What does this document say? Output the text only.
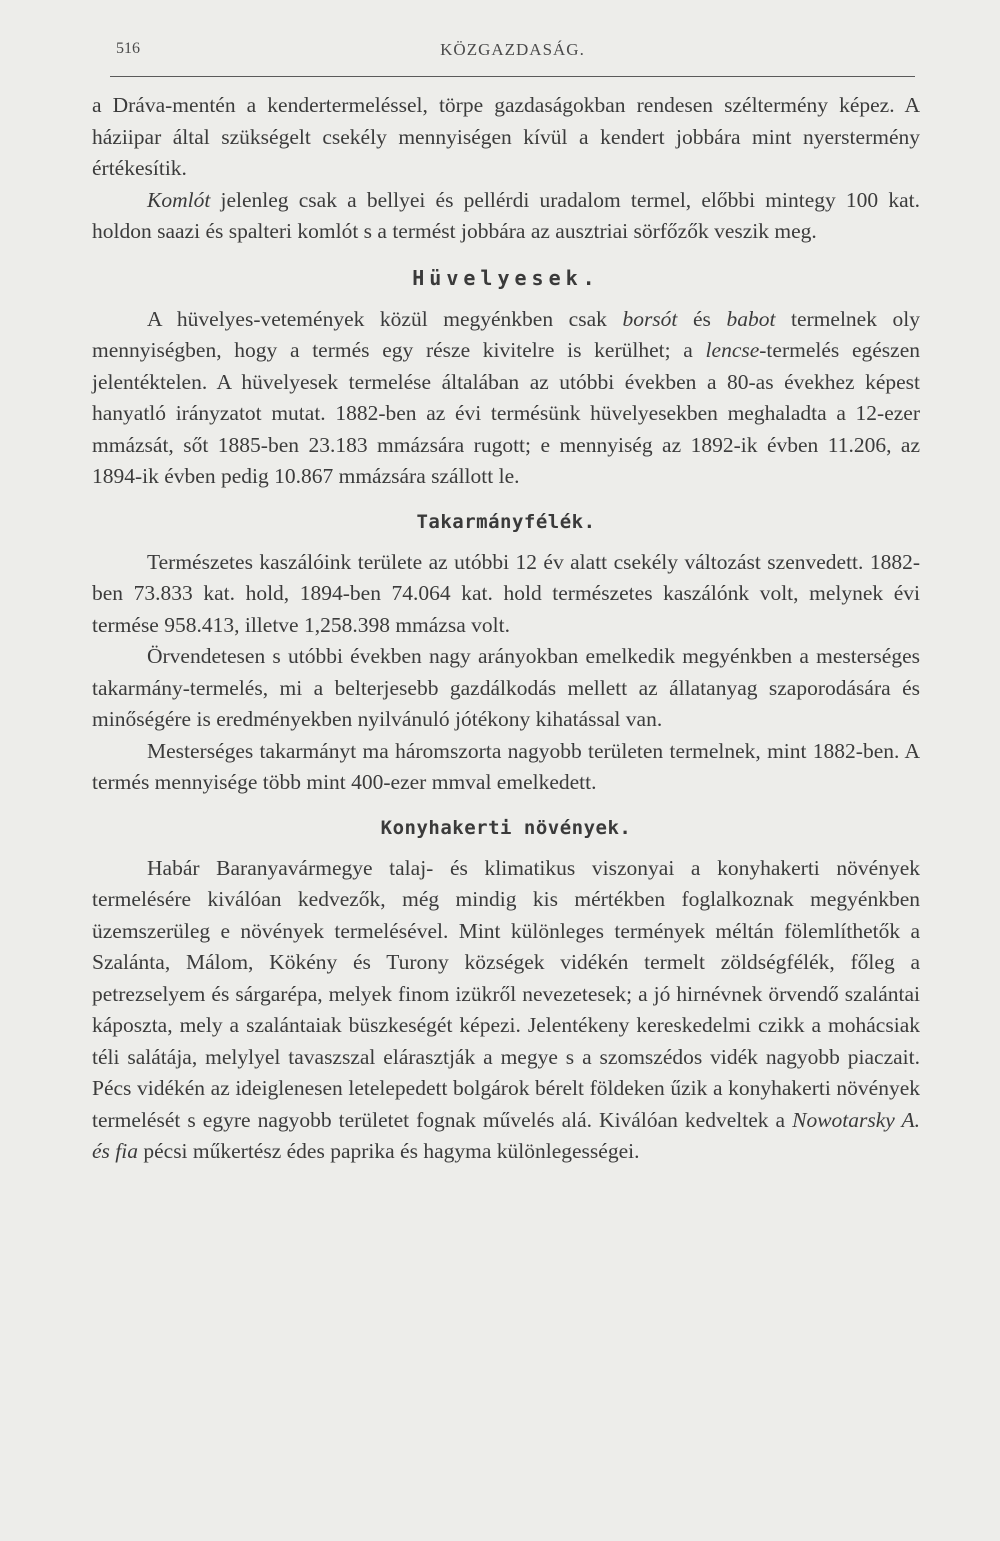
516	KÖZGAZDASÁG.

a Dráva-mentén a kendertermeléssel, törpe gazdaságokban rendesen széltermény képez. A háziipar által szükségelt csekély mennyiségen kívül a kendert jobbára mint nyerstermény értékesítik.

Komlót jelenleg csak a bellyei és pellérdi uradalom termel, előbbi mintegy 100 kat. holdon saazi és spalteri komlót s a termést jobbára az ausztriai sörfőzők veszik meg.

Hüvelyesek.

A hüvelyes-vetemények közül megyénkben csak borsót és babot termelnek oly mennyiségben, hogy a termés egy része kivitelre is kerülhet; a lencse-termelés egészen jelentéktelen. A hüvelyesek termelése általában az utóbbi években a 80-as évekhez képest hanyatló irányzatot mutat. 1882-ben az évi termésünk hüvelyesekben meghaladta a 12-ezer mmázsát, sőt 1885-ben 23.183 mmázsára rugott; e mennyiség az 1892-ik évben 11.206, az 1894-ik évben pedig 10.867 mmázsára szállott le.

Takarmányfélék.

Természetes kaszálóink területe az utóbbi 12 év alatt csekély változást szenvedett. 1882-ben 73.833 kat. hold, 1894-ben 74.064 kat. hold természetes kaszálónk volt, melynek évi termése 958.413, illetve 1,258.398 mmázsa volt.

Örvendetesen s utóbbi években nagy arányokban emelkedik megyénkben a mesterséges takarmány-termelés, mi a belterjesebb gazdálkodás mellett az állatanyag szaporodására és minőségére is eredményekben nyilvánuló jótékony kihatással van.

Mesterséges takarmányt ma háromszorta nagyobb területen termelnek, mint 1882-ben. A termés mennyisége több mint 400-ezer mmval emelkedett.

Konyhakerti növények.

Habár Baranyavármegye talaj- és klimatikus viszonyai a konyhakerti növények termelésére kiválóan kedvezők, még mindig kis mértékben foglalkoznak megyénkben üzemszerüleg e növények termelésével. Mint különleges termények méltán fölemlíthetők a Szalánta, Málom, Kökény és Turony községek vidékén termelt zöldségfélék, főleg a petrezselyem és sárgarépa, melyek finom izükről nevezetesek; a jó hirnévnek örvendő szalántai káposzta, mely a szalántaiak büszkeségét képezi. Jelentékeny kereskedelmi czikk a mohácsiak téli salátája, melylyel tavaszszal elárasztják a megye s a szomszédos vidék nagyobb piaczait. Pécs vidékén az ideiglenesen letelepedett bolgárok bérelt földeken űzik a konyhakerti növények termelését s egyre nagyobb területet fognak művelés alá. Kiválóan kedveltek a Nowotarsky A. és fia pécsi műkertész édes paprika és hagyma különlegességei.
